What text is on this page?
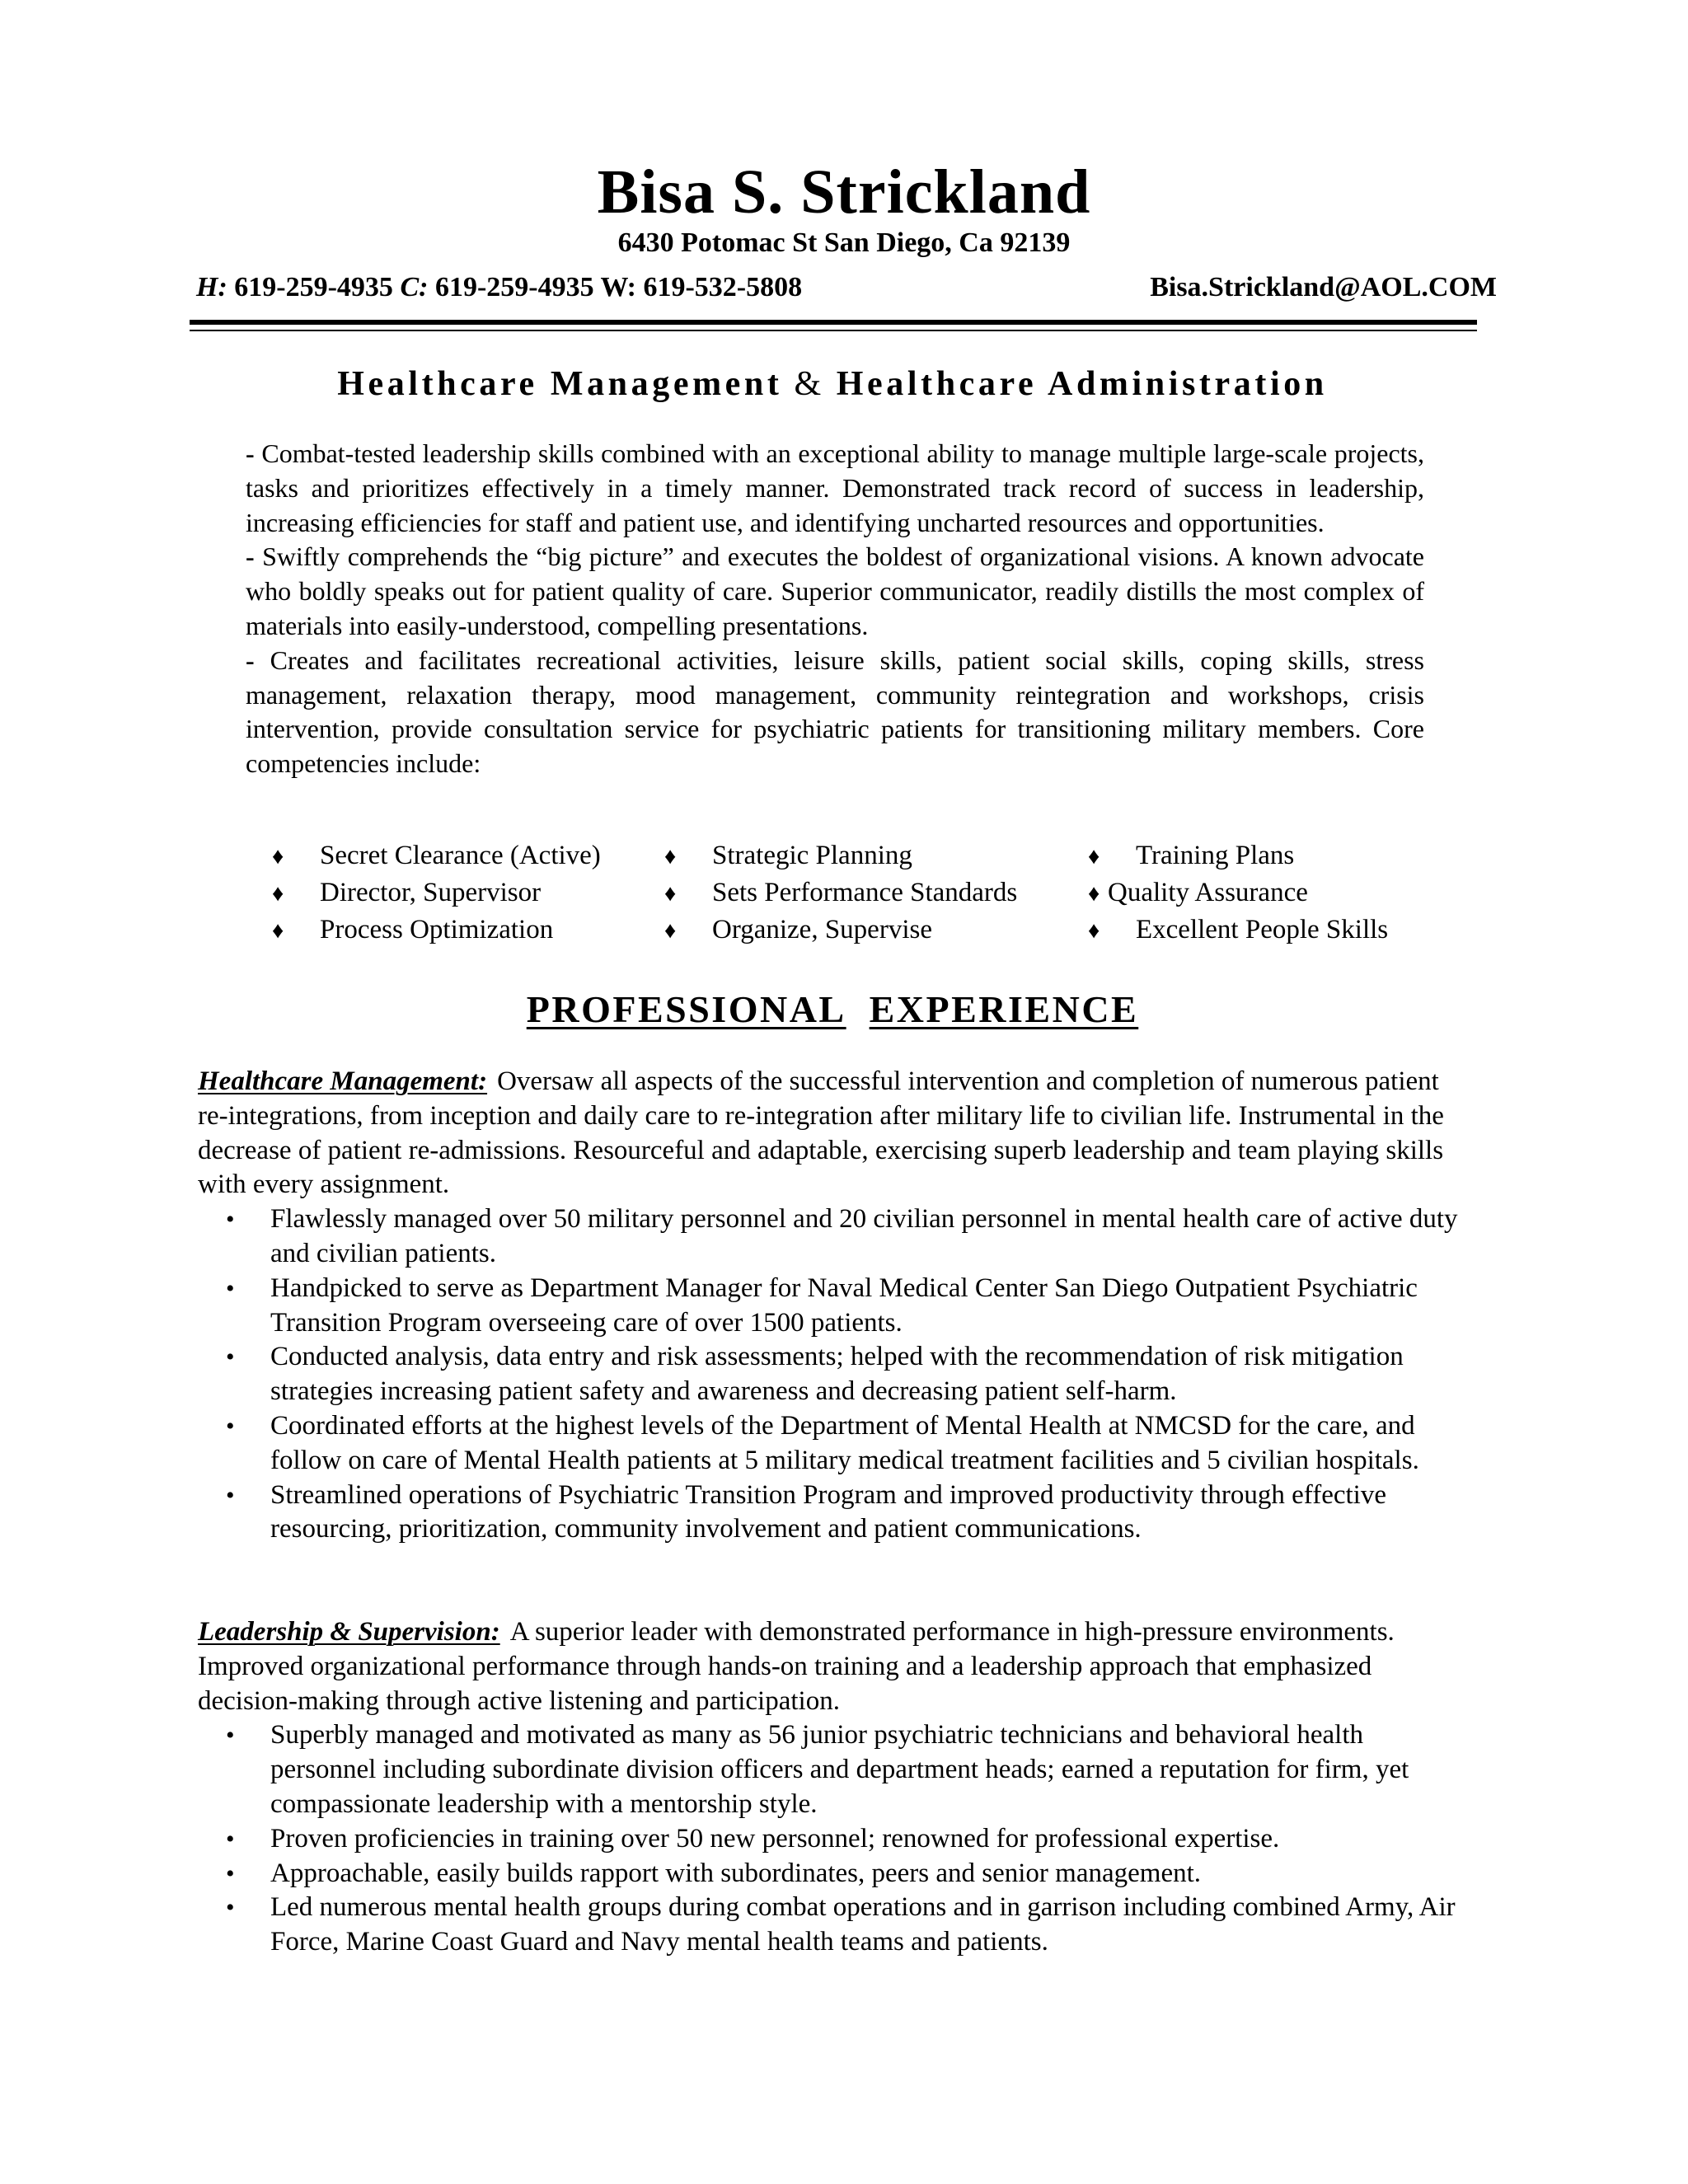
Bisa S. Strickland
6430 Potomac St San Diego, Ca 92139
H: 619-259-4935 C: 619-259-4935 W: 619-532-5808	Bisa.Strickland@AOL.COM
Healthcare Management & Healthcare Administration

- Combat-tested leadership skills combined with an exceptional ability to manage multiple large-scale projects, tasks and prioritizes effectively in a timely manner. Demonstrated track record of success in leadership, increasing efficiencies for staff and patient use, and identifying uncharted resources and opportunities.

- Swiftly comprehends the “big picture” and executes the boldest of organizational visions. A known advocate who boldly speaks out for patient quality of care. Superior communicator, readily distills the most complex of materials into easily-understood, compelling presentations.

- Creates and facilitates recreational activities, leisure skills, patient social skills, coping skills, stress management, relaxation therapy, mood management, community reintegration and workshops, crisis intervention, provide consultation service for psychiatric patients for transitioning military members. Core competencies include:

♦ Secret Clearance (Active)	♦ Strategic Planning	♦ Training Plans
♦ Director, Supervisor	♦ Sets Performance Standards	♦ Quality Assurance
♦ Process Optimization	♦ Organize, Supervise	♦ Excellent People Skills
PROFESSIONAL EXPERIENCE

Healthcare Management: Oversaw all aspects of the successful intervention and completion of numerous patient re-integrations, from inception and daily care to re-integration after military life to civilian life. Instrumental in the decrease of patient re-admissions. Resourceful and adaptable, exercising superb leadership and team playing skills with every assignment.

• Flawlessly managed over 50 military personnel and 20 civilian personnel in mental health care of active duty and civilian patients.
• Handpicked to serve as Department Manager for Naval Medical Center San Diego Outpatient Psychiatric Transition Program overseeing care of over 1500 patients.
• Conducted analysis, data entry and risk assessments; helped with the recommendation of risk mitigation strategies increasing patient safety and awareness and decreasing patient self-harm.
• Coordinated efforts at the highest levels of the Department of Mental Health at NMCSD for the care, and follow on care of Mental Health patients at 5 military medical treatment facilities and 5 civilian hospitals.
• Streamlined operations of Psychiatric Transition Program and improved productivity through effective resourcing, prioritization, community involvement and patient communications.

Leadership & Supervision: A superior leader with demonstrated performance in high-pressure environments. Improved organizational performance through hands-on training and a leadership approach that emphasized decision-making through active listening and participation.

• Superbly managed and motivated as many as 56 junior psychiatric technicians and behavioral health personnel including subordinate division officers and department heads; earned a reputation for firm, yet compassionate leadership with a mentorship style.
• Proven proficiencies in training over 50 new personnel; renowned for professional expertise.
• Approachable, easily builds rapport with subordinates, peers and senior management.
• Led numerous mental health groups during combat operations and in garrison including combined Army, Air Force, Marine Coast Guard and Navy mental health teams and patients.
